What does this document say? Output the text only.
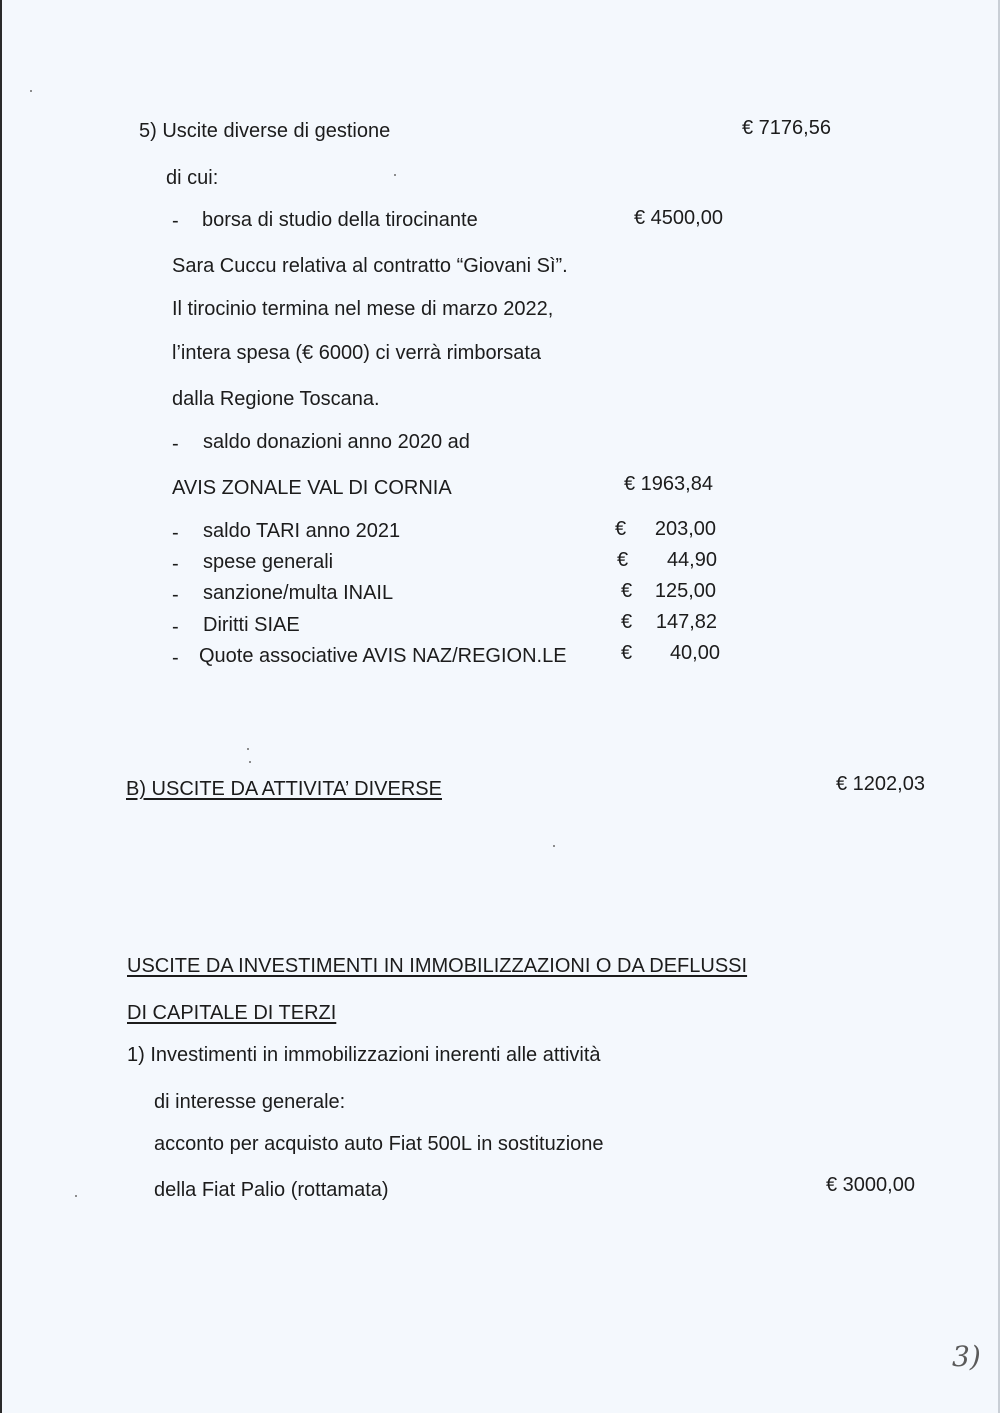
5) Uscite diverse di gestione	€ 7176,56
di cui:
- borsa di studio della tirocinante	€ 4500,00
Sara Cuccu relativa al contratto “Giovani Sì”.
Il tirocinio termina nel mese di marzo 2022,
l’intera spesa (€ 6000) ci verrà rimborsata
dalla Regione Toscana.
- saldo donazioni anno 2020 ad
AVIS ZONALE VAL DI CORNIA	€ 1963,84
- saldo TARI anno 2021	€	203,00
- spese generali	€	44,90
- sanzione/multa INAIL	€	125,00
- Diritti SIAE	€	147,82
- Quote associative AVIS NAZ/REGION.LE	€	40,00
B) USCITE DA ATTIVITA’ DIVERSE	€ 1202,03
USCITE DA INVESTIMENTI IN IMMOBILIZZAZIONI O DA DEFLUSSI
DI CAPITALE DI TERZI
1) Investimenti in immobilizzazioni inerenti alle attività
di interesse generale:
acconto per acquisto auto Fiat 500L in sostituzione
della Fiat Palio (rottamata)	€ 3000,00
3)
